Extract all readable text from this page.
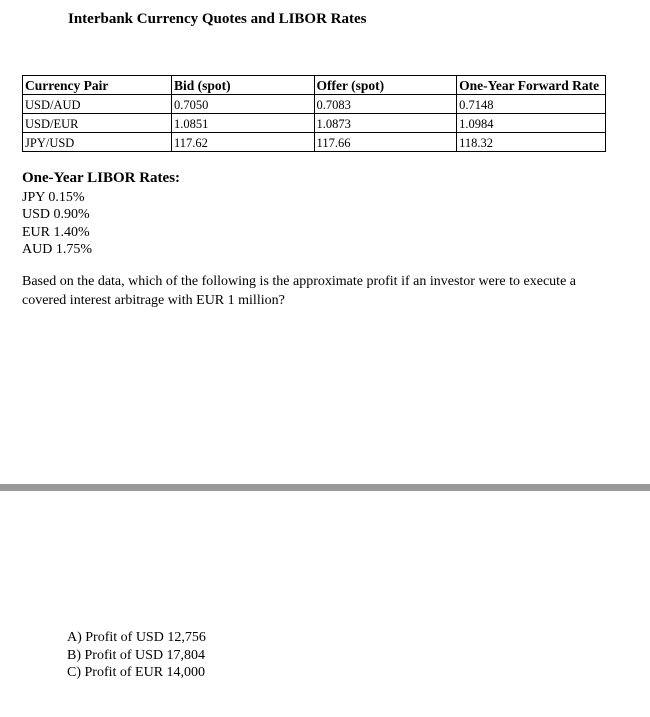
Interbank Currency Quotes and LIBOR Rates
Currency Pair	Bid (spot)	Offer (spot)	One-Year Forward Rate
USD/AUD	0.7050	0.7083	0.7148
USD/EUR	1.0851	1.0873	1.0984
JPY/USD	117.62	117.66	118.32
One-Year LIBOR Rates:
JPY 0.15%
USD 0.90%
EUR 1.40%
AUD 1.75%

Based on the data, which of the following is the approximate profit if an investor were to execute a covered interest arbitrage with EUR 1 million?

A) Profit of USD 12,756
B) Profit of USD 17,804
C) Profit of EUR 14,000
